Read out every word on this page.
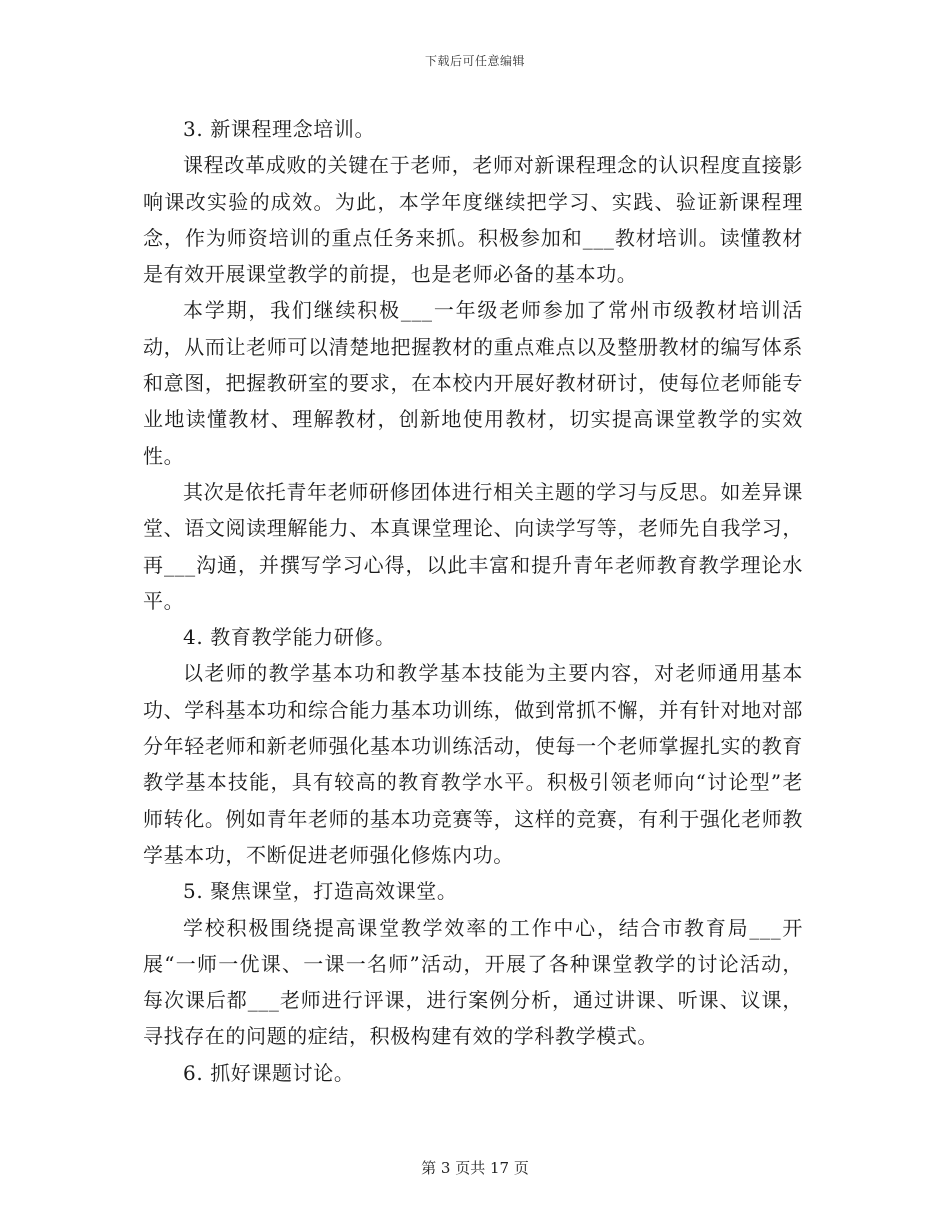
下载后可任意编辑

3. 新课程理念培训。

课程改革成败的关键在于老师，老师对新课程理念的认识程度直接影响课改实验的成效。为此，本学年度继续把学习、实践、验证新课程理念，作为师资培训的重点任务来抓。积极参加和___教材培训。读懂教材是有效开展课堂教学的前提，也是老师必备的基本功。

本学期，我们继续积极___一年级老师参加了常州市级教材培训活动，从而让老师可以清楚地把握教材的重点难点以及整册教材的编写体系和意图，把握教研室的要求，在本校内开展好教材研讨，使每位老师能专业地读懂教材、理解教材，创新地使用教材，切实提高课堂教学的实效性。

其次是依托青年老师研修团体进行相关主题的学习与反思。如差异课堂、语文阅读理解能力、本真课堂理论、向读学写等，老师先自我学习，再___沟通，并撰写学习心得，以此丰富和提升青年老师教育教学理论水平。

4. 教育教学能力研修。

以老师的教学基本功和教学基本技能为主要内容，对老师通用基本功、学科基本功和综合能力基本功训练，做到常抓不懈，并有针对地对部分年轻老师和新老师强化基本功训练活动，使每一个老师掌握扎实的教育教学基本技能，具有较高的教育教学水平。积极引领老师向“讨论型”老师转化。例如青年老师的基本功竞赛等，这样的竞赛，有利于强化老师教学基本功，不断促进老师强化修炼内功。

5. 聚焦课堂，打造高效课堂。

学校积极围绕提高课堂教学效率的工作中心，结合市教育局___开展“一师一优课、一课一名师”活动，开展了各种课堂教学的讨论活动，每次课后都___老师进行评课，进行案例分析，通过讲课、听课、议课，寻找存在的问题的症结，积极构建有效的学科教学模式。

6. 抓好课题讨论。

第 3 页共 17 页
